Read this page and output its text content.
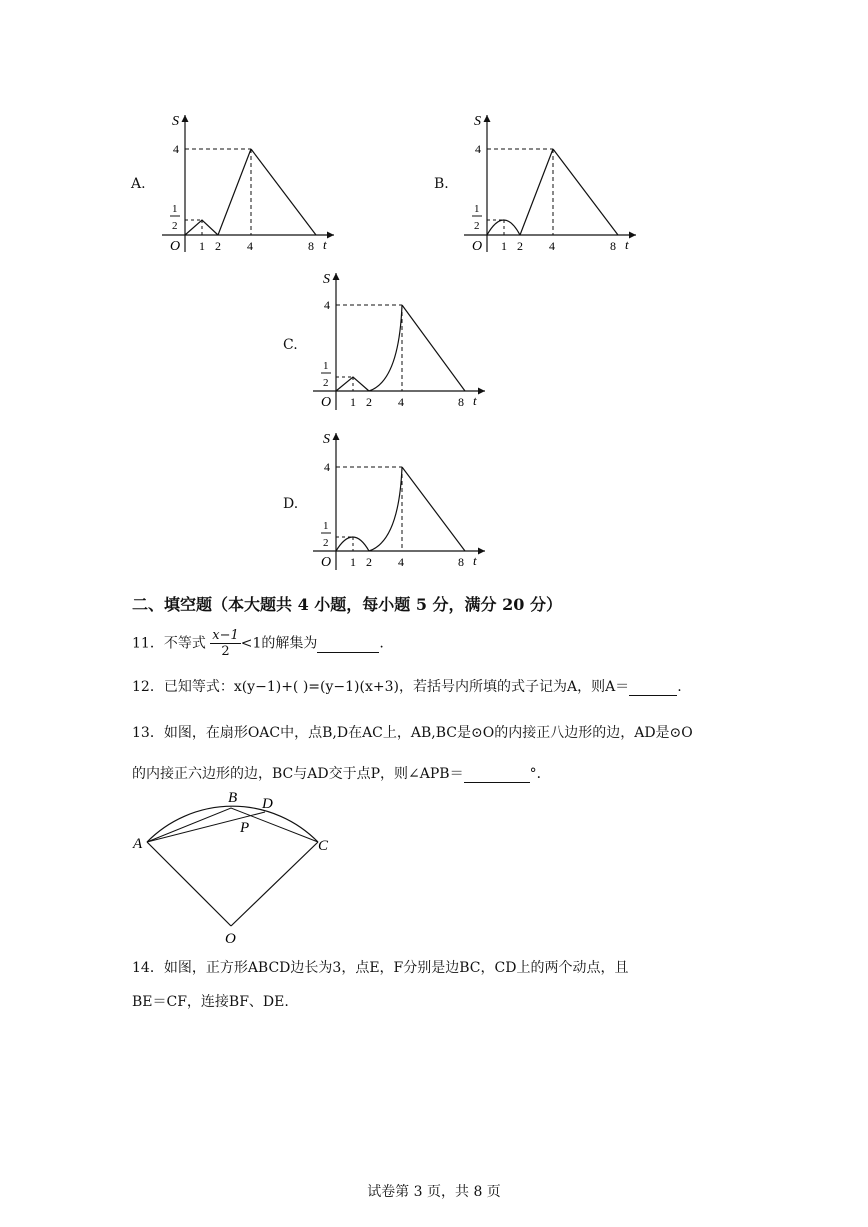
A.	B.
C.
D.
S
4
1
2
O 1 2 4	8 t
S
4
1
2
O 1 2 4	8 t
S
4
1
2
O 1 2 4	8 t
S
4
1
2
O 1 2 4	8 t
二、填空题（本大题共 4 小题，每小题 5 分，满分 20 分）
11．不等式 $\frac{x-1}{2} <1$的解集为	.
12．已知等式：x(y−1)+( )=(y−1)(x+3)，若括号内所填的式子记为A，则A＝	.
13．如图，在扇形OAC中，点B,D在AC上，AB,BC是⊙O的内接正八边形的边，AD是⊙O
的内接正六边形的边，BC与AD交于点P，则∠APB＝	°．
A
B D
P
C
O
14．如图，正方形ABCD边长为3，点E，F分别是边BC，CD上的两个动点，且
BE＝CF，连接BF、DE.
试卷第 3 页，共 8 页
